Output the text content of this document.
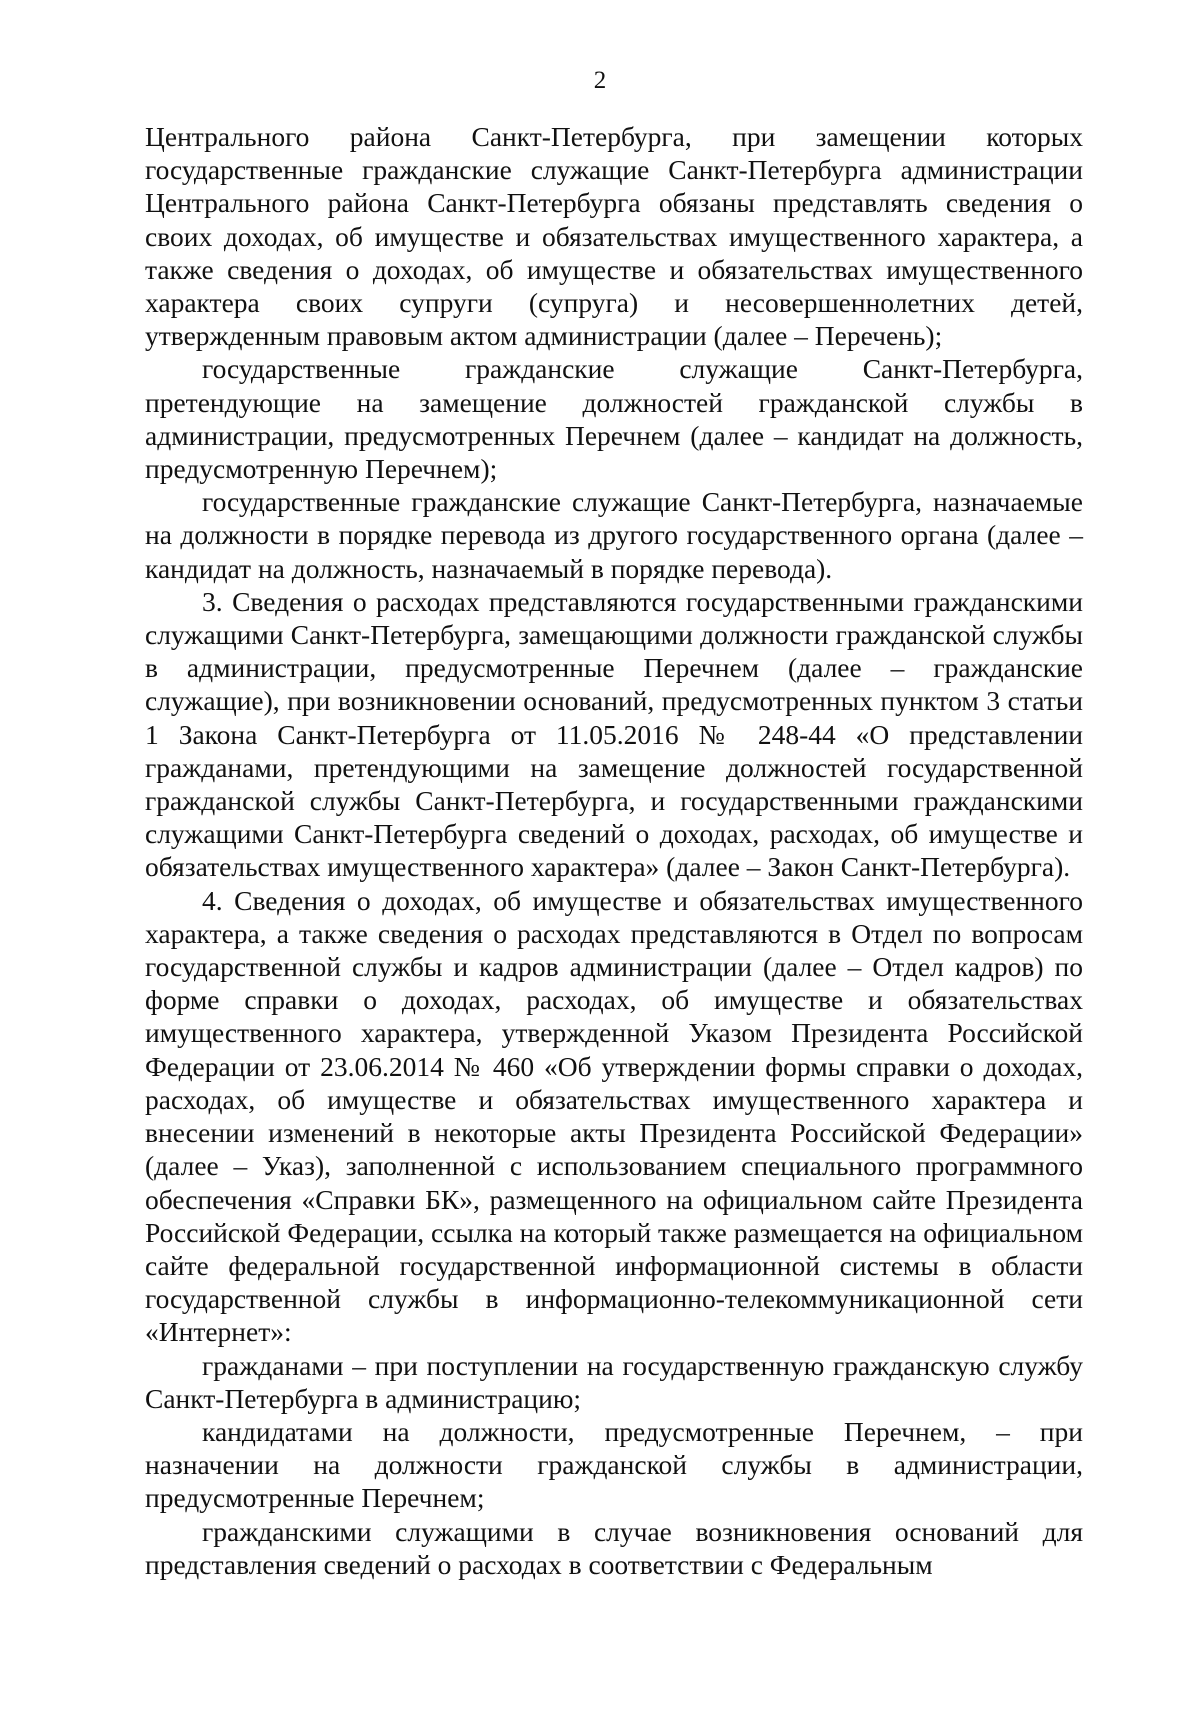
2

Центрального района Санкт-Петербурга, при замещении которых государственные гражданские служащие Санкт-Петербурга администрации Центрального района Санкт-Петербурга обязаны представлять сведения о своих доходах, об имуществе и обязательствах имущественного характера, а также сведения о доходах, об имуществе и обязательствах имущественного характера своих супруги (супруга) и несовершеннолетних детей, утвержденным правовым актом администрации (далее – Перечень);

государственные гражданские служащие Санкт-Петербурга, претендующие на замещение должностей гражданской службы в администрации, предусмотренных Перечнем (далее – кандидат на должность, предусмотренную Перечнем);

государственные гражданские служащие Санкт-Петербурга, назначаемые на должности в порядке перевода из другого государственного органа (далее – кандидат на должность, назначаемый в порядке перевода).

3. Сведения о расходах представляются государственными гражданскими служащими Санкт-Петербурга, замещающими должности гражданской службы в администрации, предусмотренные Перечнем (далее – гражданские служащие), при возникновении оснований, предусмотренных пунктом 3 статьи 1 Закона Санкт-Петербурга от 11.05.2016 № 248-44 «О представлении гражданами, претендующими на замещение должностей государственной гражданской службы Санкт-Петербурга, и государственными гражданскими служащими Санкт-Петербурга сведений о доходах, расходах, об имуществе и обязательствах имущественного характера» (далее – Закон Санкт-Петербурга).

4. Сведения о доходах, об имуществе и обязательствах имущественного характера, а также сведения о расходах представляются в Отдел по вопросам государственной службы и кадров администрации (далее – Отдел кадров) по форме справки о доходах, расходах, об имуществе и обязательствах имущественного характера, утвержденной Указом Президента Российской Федерации от 23.06.2014 № 460 «Об утверждении формы справки о доходах, расходах, об имуществе и обязательствах имущественного характера и внесении изменений в некоторые акты Президента Российской Федерации» (далее – Указ), заполненной с использованием специального программного обеспечения «Справки БК», размещенного на официальном сайте Президента Российской Федерации, ссылка на который также размещается на официальном сайте федеральной государственной информационной системы в области государственной службы в информационно-телекоммуникационной сети «Интернет»:

гражданами – при поступлении на государственную гражданскую службу Санкт-Петербурга в администрацию;

кандидатами на должности, предусмотренные Перечнем, – при назначении на должности гражданской службы в администрации, предусмотренные Перечнем;

гражданскими служащими в случае возникновения оснований для представления сведений о расходах в соответствии с Федеральным
